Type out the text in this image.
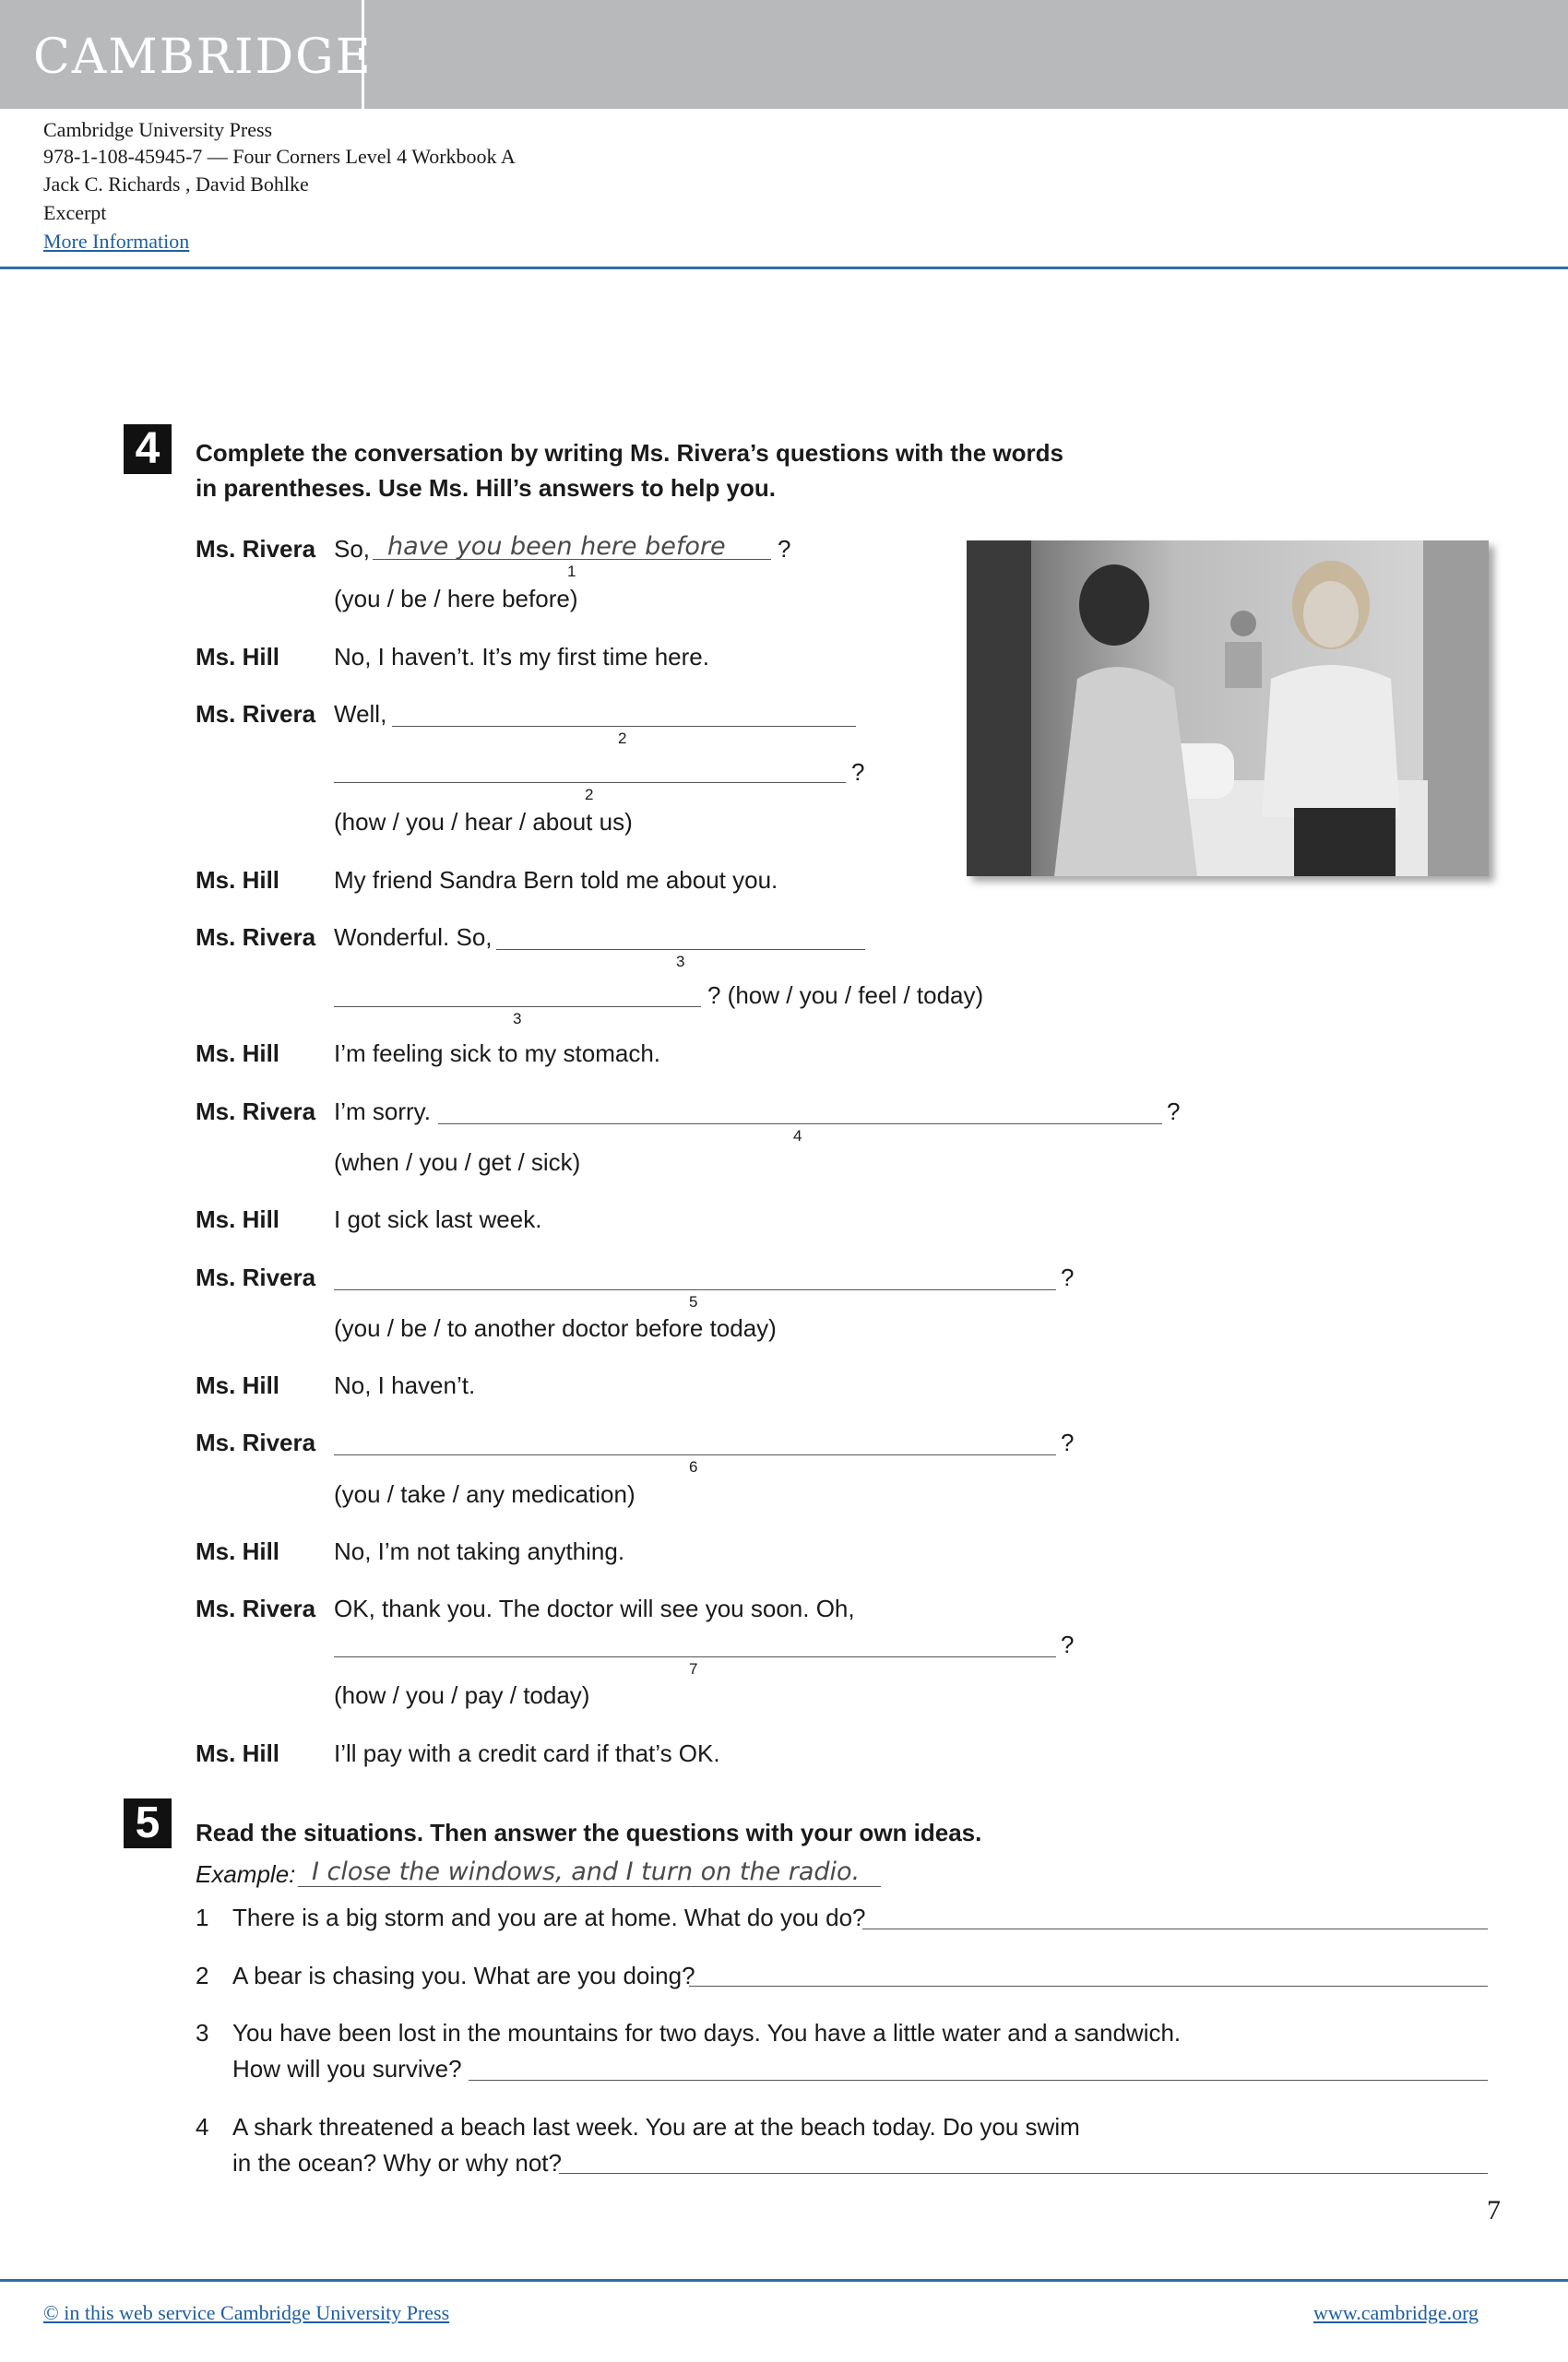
CAMBRIDGE
Cambridge University Press
978-1-108-45945-7 — Four Corners Level 4 Workbook A
Jack C. Richards , David Bohlke
Excerpt
More Information
4	Complete the conversation by writing Ms. Rivera’s questions with the words
in parentheses. Use Ms. Hill’s answers to help you.
Ms. Rivera So, have you been here before ?
1
(you / be / here before)
Ms. Hill No, I haven’t. It’s my first time here.
Ms. Rivera Well,
2
?
2
(how / you / hear / about us)
Ms. Hill My friend Sandra Bern told me about you.
Ms. Rivera Wonderful. So,
3
? (how / you / feel / today)
3
Ms. Hill I’m feeling sick to my stomach.
Ms. Rivera I’m sorry.	?
4
(when / you / get / sick)
Ms. Hill I got sick last week.
Ms. Rivera	?
5
(you / be / to another doctor before today)
Ms. Hill No, I haven’t.
Ms. Rivera	?
6
(you / take / any medication)
Ms. Hill No, I’m not taking anything.
Ms. Rivera OK, thank you. The doctor will see you soon. Oh,
?
7
(how / you / pay / today)
Ms. Hill I’ll pay with a credit card if that’s OK.
5	Read the situations. Then answer the questions with your own ideas.
Example: I close the windows, and I turn on the radio.
1 There is a big storm and you are at home. What do you do?
2 A bear is chasing you. What are you doing?
3 You have been lost in the mountains for two days. You have a little water and a sandwich.
How will you survive?
4 A shark threatened a beach last week. You are at the beach today. Do you swim
in the ocean? Why or why not?
7
© in this web service Cambridge University Press	www.cambridge.org
